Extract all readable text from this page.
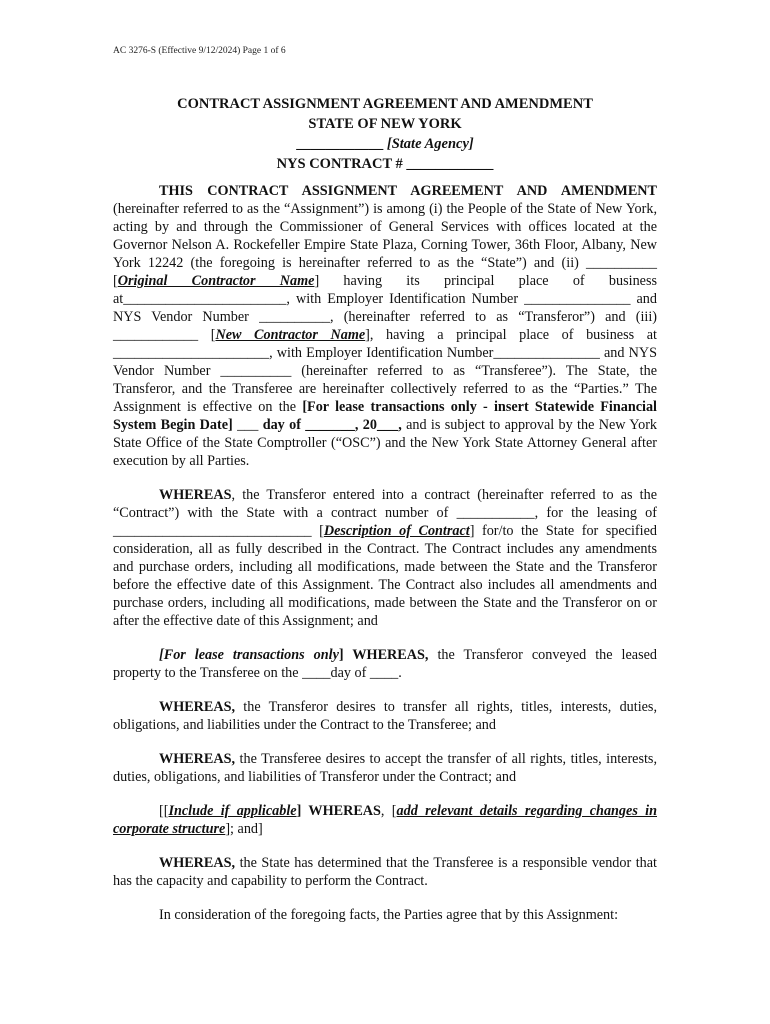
AC 3276-S (Effective 9/12/2024) Page 1 of 6
CONTRACT ASSIGNMENT AGREEMENT AND AMENDMENT
STATE OF NEW YORK
____________ [State Agency]
NYS CONTRACT # ____________

THIS CONTRACT ASSIGNMENT AGREEMENT AND AMENDMENT (hereinafter referred to as the “Assignment”) is among (i) the People of the State of New York, acting by and through the Commissioner of General Services with offices located at the Governor Nelson A. Rockefeller Empire State Plaza, Corning Tower, 36th Floor, Albany, New York 12242 (the foregoing is hereinafter referred to as the “State”) and (ii) __________ [Original Contractor Name] having its principal place of business at_______________________, with Employer Identification Number _______________ and NYS Vendor Number __________, (hereinafter referred to as “Transferor”) and (iii) ____________ [New Contractor Name], having a principal place of business at ______________________, with Employer Identification Number_______________ and NYS Vendor Number __________ (hereinafter referred to as “Transferee”). The State, the Transferor, and the Transferee are hereinafter collectively referred to as the “Parties.” The Assignment is effective on the [For lease transactions only - insert Statewide Financial System Begin Date] ___ day of _______, 20___, and is subject to approval by the New York State Office of the State Comptroller (“OSC”) and the New York State Attorney General after execution by all Parties.

WHEREAS, the Transferor entered into a contract (hereinafter referred to as the “Contract”) with the State with a contract number of ___________, for the leasing of ____________________________ [Description of Contract] for/to the State for specified consideration, all as fully described in the Contract. The Contract includes any amendments and purchase orders, including all modifications, made between the State and the Transferor before the effective date of this Assignment. The Contract also includes all amendments and purchase orders, including all modifications, made between the State and the Transferor on or after the effective date of this Assignment; and

[For lease transactions only] WHEREAS, the Transferor conveyed the leased property to the Transferee on the ____day of ____.

WHEREAS, the Transferor desires to transfer all rights, titles, interests, duties, obligations, and liabilities under the Contract to the Transferee; and

WHEREAS, the Transferee desires to accept the transfer of all rights, titles, interests, duties, obligations, and liabilities of Transferor under the Contract; and

[[Include if applicable] WHEREAS, [add relevant details regarding changes in corporate structure]; and]

WHEREAS, the State has determined that the Transferee is a responsible vendor that has the capacity and capability to perform the Contract.

In consideration of the foregoing facts, the Parties agree that by this Assignment:
